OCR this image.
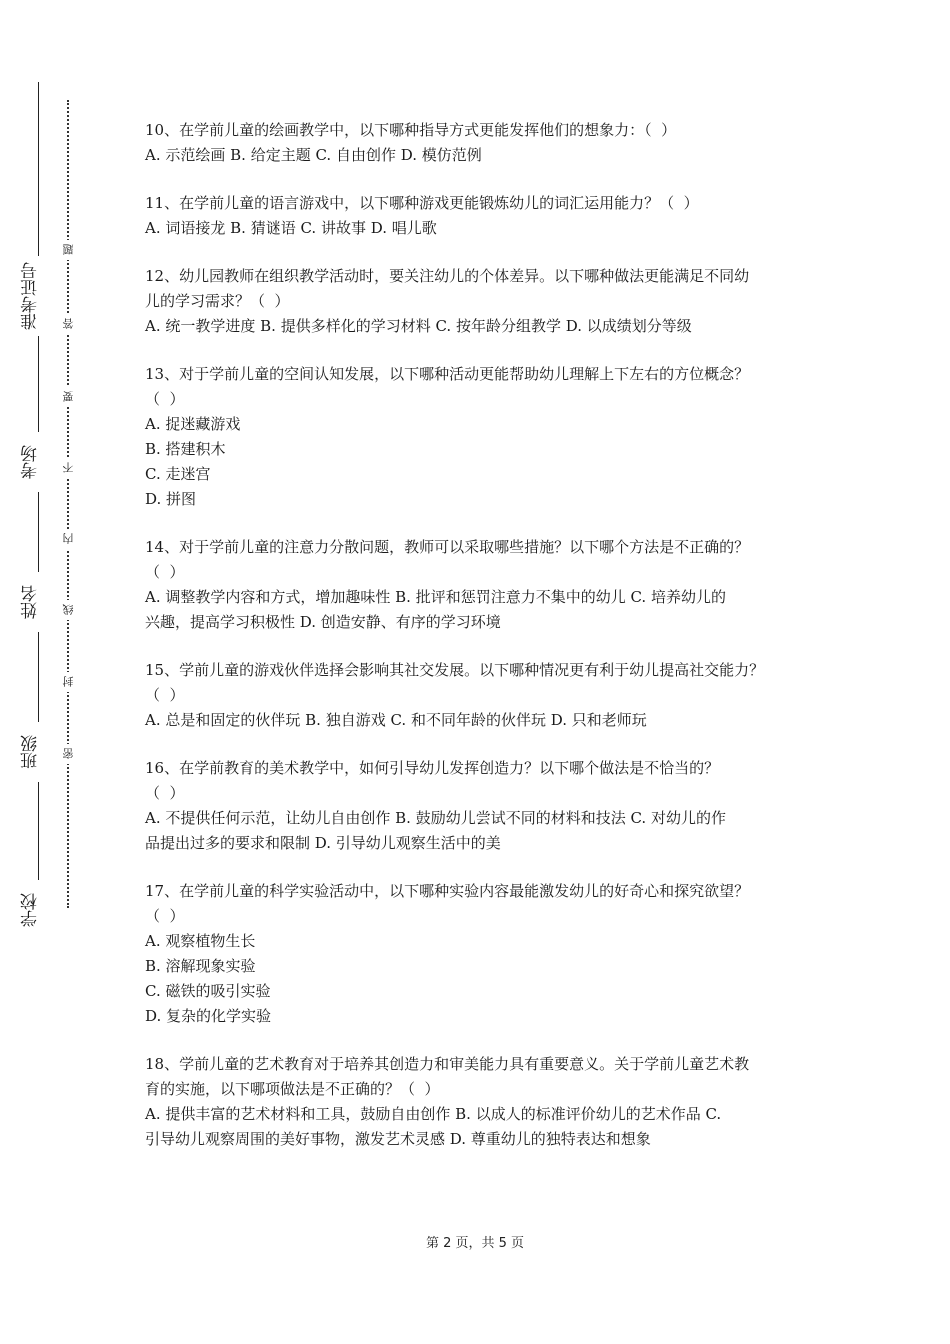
准考证号
考场
姓名
班级
学校
题
答
要
不
内
线
封
密
10、在学前儿童的绘画教学中，以下哪种指导方式更能发挥他们的想象力：（  ）
A. 示范绘画 B. 给定主题 C. 自由创作 D. 模仿范例
11、在学前儿童的语言游戏中，以下哪种游戏更能锻炼幼儿的词汇运用能力？（  ）
A. 词语接龙 B. 猜谜语 C. 讲故事 D. 唱儿歌
12、幼儿园教师在组织教学活动时，要关注幼儿的个体差异。以下哪种做法更能满足不同幼
儿的学习需求？（  ）
A. 统一教学进度 B. 提供多样化的学习材料 C. 按年龄分组教学 D. 以成绩划分等级
13、对于学前儿童的空间认知发展，以下哪种活动更能帮助幼儿理解上下左右的方位概念？
（  ）
A. 捉迷藏游戏
B. 搭建积木
C. 走迷宫
D. 拼图
14、对于学前儿童的注意力分散问题，教师可以采取哪些措施？以下哪个方法是不正确的？
（  ）
A. 调整教学内容和方式，增加趣味性 B. 批评和惩罚注意力不集中的幼儿 C. 培养幼儿的
兴趣，提高学习积极性 D. 创造安静、有序的学习环境
15、学前儿童的游戏伙伴选择会影响其社交发展。以下哪种情况更有利于幼儿提高社交能力？
（  ）
A. 总是和固定的伙伴玩 B. 独自游戏 C. 和不同年龄的伙伴玩 D. 只和老师玩
16、在学前教育的美术教学中，如何引导幼儿发挥创造力？以下哪个做法是不恰当的？
（  ）
A. 不提供任何示范，让幼儿自由创作 B. 鼓励幼儿尝试不同的材料和技法 C. 对幼儿的作
品提出过多的要求和限制 D. 引导幼儿观察生活中的美
17、在学前儿童的科学实验活动中，以下哪种实验内容最能激发幼儿的好奇心和探究欲望？
（  ）
A. 观察植物生长
B. 溶解现象实验
C. 磁铁的吸引实验
D. 复杂的化学实验
18、学前儿童的艺术教育对于培养其创造力和审美能力具有重要意义。关于学前儿童艺术教
育的实施，以下哪项做法是不正确的？（  ）
A. 提供丰富的艺术材料和工具，鼓励自由创作 B. 以成人的标准评价幼儿的艺术作品 C.
引导幼儿观察周围的美好事物，激发艺术灵感 D. 尊重幼儿的独特表达和想象
第 2 页，共 5 页
